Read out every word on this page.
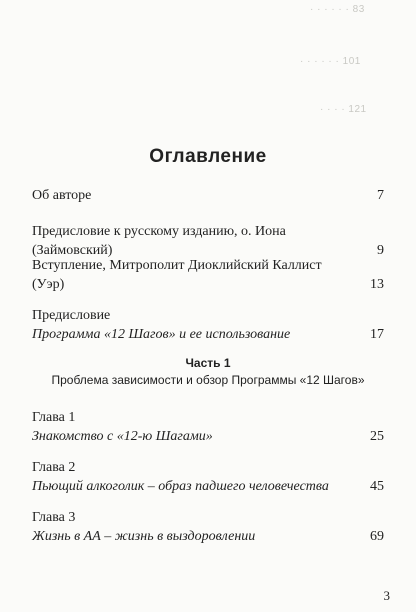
· · · · · · 83
· · · · · · 101
· · · · 121
Оглавление
Об авторе	7
Предисловие к русскому изданию, о. Иона (Займовский)	9
Вступление, Митрополит Диоклийский Каллист
(Уэр)	13
Предисловие
Программа «12 Шагов» и ее использование	17
Часть 1
Проблема зависимости и обзор Программы «12 Шагов»
Глава 1
Знакомство с «12-ю Шагами»	25
Глава 2
Пьющий алкоголик – образ падшего человечества	45
Глава 3
Жизнь в АА – жизнь в выздоровлении	69
3
